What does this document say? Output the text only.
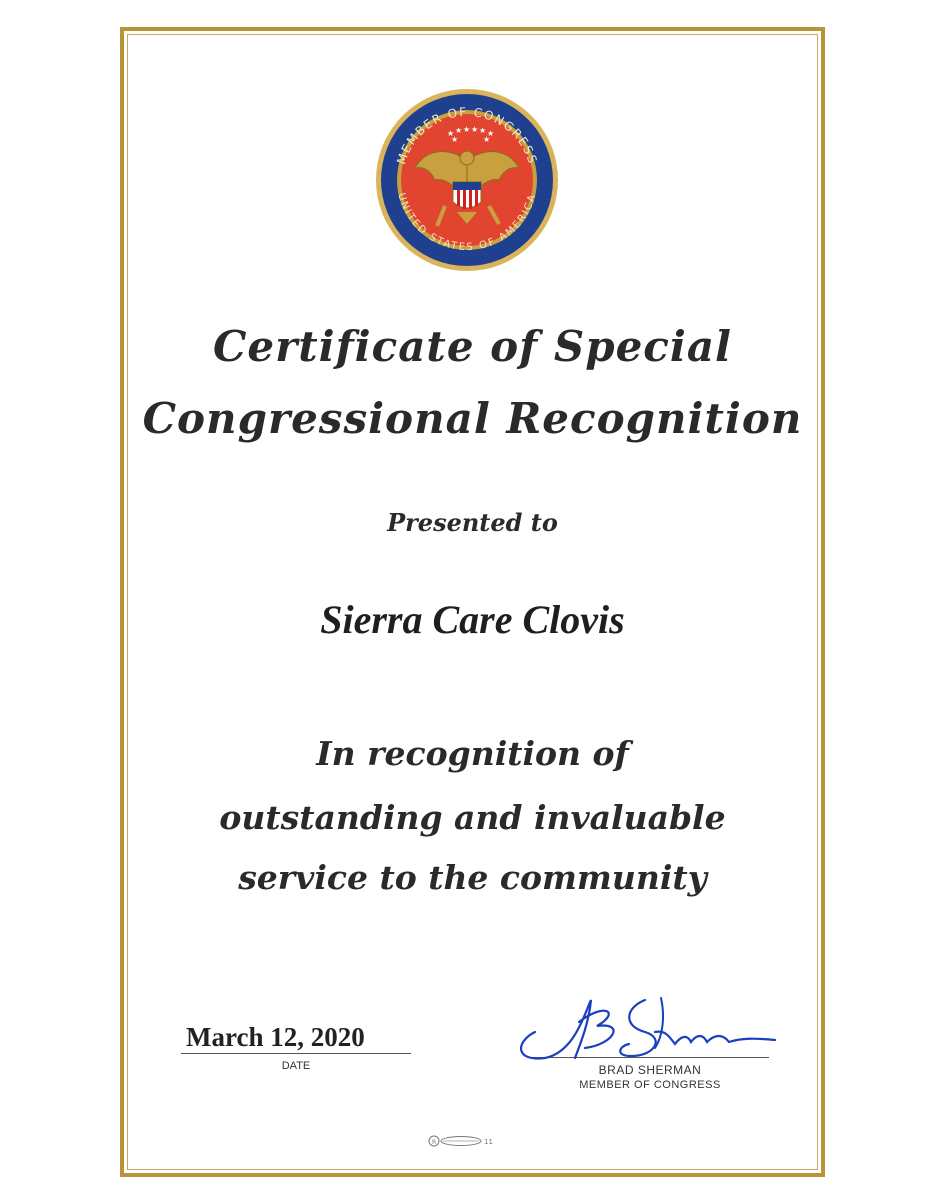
MEMBER OF CONGRESS
UNITED STATES OF AMERICA
★ ★ ★ ★ ★ ★
★	★
Certificate of Special
Congressional Recognition
Presented to
Sierra Care Clovis
In recognition of
outstanding and invaluable
service to the community
March 12, 2020
DATE	BRAD SHERMAN
MEMBER OF CONGRESS
R	11
